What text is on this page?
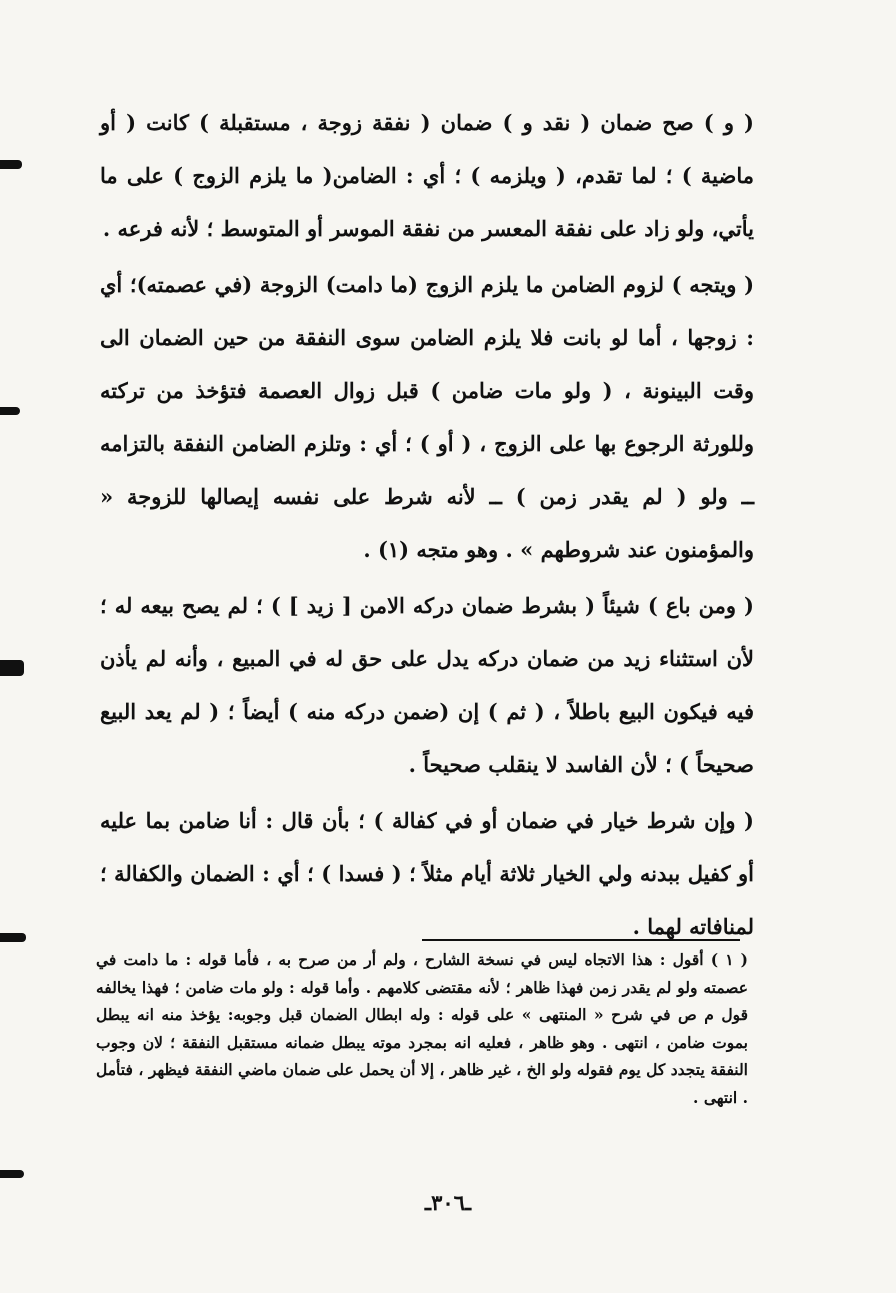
( و ) صح ضمان ( نقد و ) ضمان ( نفقة زوجة ، مستقبلة ) كانت ( أو ماضية ) ؛ لما تقدم، ( ويلزمه ) ؛ أي : الضامن( ما يلزم الزوج ) على ما يأتي، ولو زاد على نفقة المعسر من نفقة الموسر أو المتوسط ؛ لأنه فرعه .

( ويتجه ) لزوم الضامن ما يلزم الزوج (ما دامت) الزوجة (في عصمته)؛ أي : زوجها ، أما لو بانت فلا يلزم الضامن سوى النفقة من حين الضمان الى وقت البينونة ، ( ولو مات ضامن ) قبل زوال العصمة فتؤخذ من تركته وللورثة الرجوع بها على الزوج ، ( أو ) ؛ أي : وتلزم الضامن النفقة بالتزامه ــ ولو ( لم يقدر زمن ) ــ لأنه شرط على نفسه إيصالها للزوجة « والمؤمنون عند شروطهم » . وهو متجه (١) .

( ومن باع ) شيئاً ( بشرط ضمان دركه الامن [ زيد ] ) ؛ لم يصح بيعه له ؛ لأن استثناء زيد من ضمان دركه يدل على حق له في المبيع ، وأنه لم يأذن فيه فيكون البيع باطلاً ، ( ثم ) إن (ضمن دركه منه ) أيضاً ؛ ( لم يعد البيع صحيحاً ) ؛ لأن الفاسد لا ينقلب صحيحاً .

( وإن شرط خيار في ضمان أو في كفالة ) ؛ بأن قال : أنا ضامن بما عليه أو كفيل ببدنه ولي الخيار ثلاثة أيام مثلاً ؛ ( فسدا ) ؛ أي : الضمان والكفالة ؛ لمنافاته لهما .

( ١ ) أقول : هذا الاتجاه ليس في نسخة الشارح ، ولم أر من صرح به ، فأما قوله : ما دامت في عصمته ولو لم يقدر زمن فهذا ظاهر ؛ لأنه مقتضى كلامهم . وأما قوله : ولو مات ضامن ؛ فهذا يخالفه قول م ص في شرح « المنتهى » على قوله : وله ابطال الضمان قبل وجوبه: يؤخذ منه انه يبطل بموت ضامن ، انتهى . وهو ظاهر ، فعليه انه بمجرد موته يبطل ضمانه مستقبل النفقة ؛ لان وجوب النفقة يتجدد كل يوم فقوله ولو الخ ، غير ظاهر ، إلا أن يحمل على ضمان ماضي النفقة فيظهر ، فتأمل . انتهى .
ـ٣٠٦ـ
